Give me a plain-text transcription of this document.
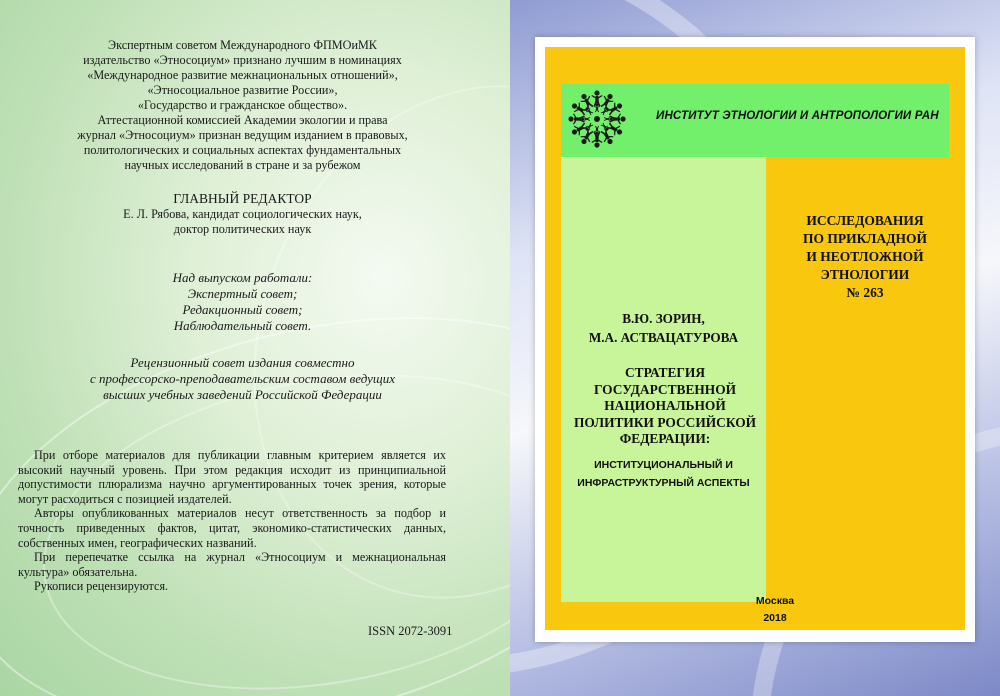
Экспертным советом Международного ФПМОиМК
издательство «Этносоциум» признано лучшим в номинациях
«Международное развитие межнациональных отношений»,
«Этносоциальное развитие России»,
«Государство и гражданское общество».
Аттестационной комиссией Академии экологии и права
журнал «Этносоциум» признан ведущим изданием в правовых,
политологических и социальных аспектах фундаментальных
научных исследований в стране и за рубежом
ГЛАВНЫЙ РЕДАКТОР
Е. Л. Рябова, кандидат социологических наук,
доктор политических наук
Над выпуском работали:
Экспертный совет;
Редакционный совет;
Наблюдательный совет.
Рецензионный совет издания совместно
с профессорско-преподавательским составом ведущих
высших учебных заведений Российской Федерации

При отборе материалов для публикации главным критерием является их высокий научный уровень. При этом редакция исходит из принципиальной допустимости плюрализма научно аргументированных точек зрения, которые могут расходиться с позицией издателей.

Авторы опубликованных материалов несут ответственность за подбор и точность приведенных фактов, цитат, экономико-статистических данных, собственных имен, географических названий.

При перепечатке ссылка на журнал «Этносоциум и межнациональная культура» обязательна.

Рукописи рецензируются.

ISSN 2072-3091
ИНСТИТУТ ЭТНОЛОГИИ И АНТРОПОЛОГИИ РАН
ИССЛЕДОВАНИЯ
ПО ПРИКЛАДНОЙ
И НЕОТЛОЖНОЙ
ЭТНОЛОГИИ
№ 263
В.Ю. ЗОРИН,
М.А. АСТВАЦАТУРОВА
СТРАТЕГИЯ
ГОСУДАРСТВЕННОЙ
НАЦИОНАЛЬНОЙ
ПОЛИТИКИ РОССИЙСКОЙ
ФЕДЕРАЦИИ:
ИНСТИТУЦИОНАЛЬНЫЙ И
ИНФРАСТРУКТУРНЫЙ АСПЕКТЫ
Москва
2018
